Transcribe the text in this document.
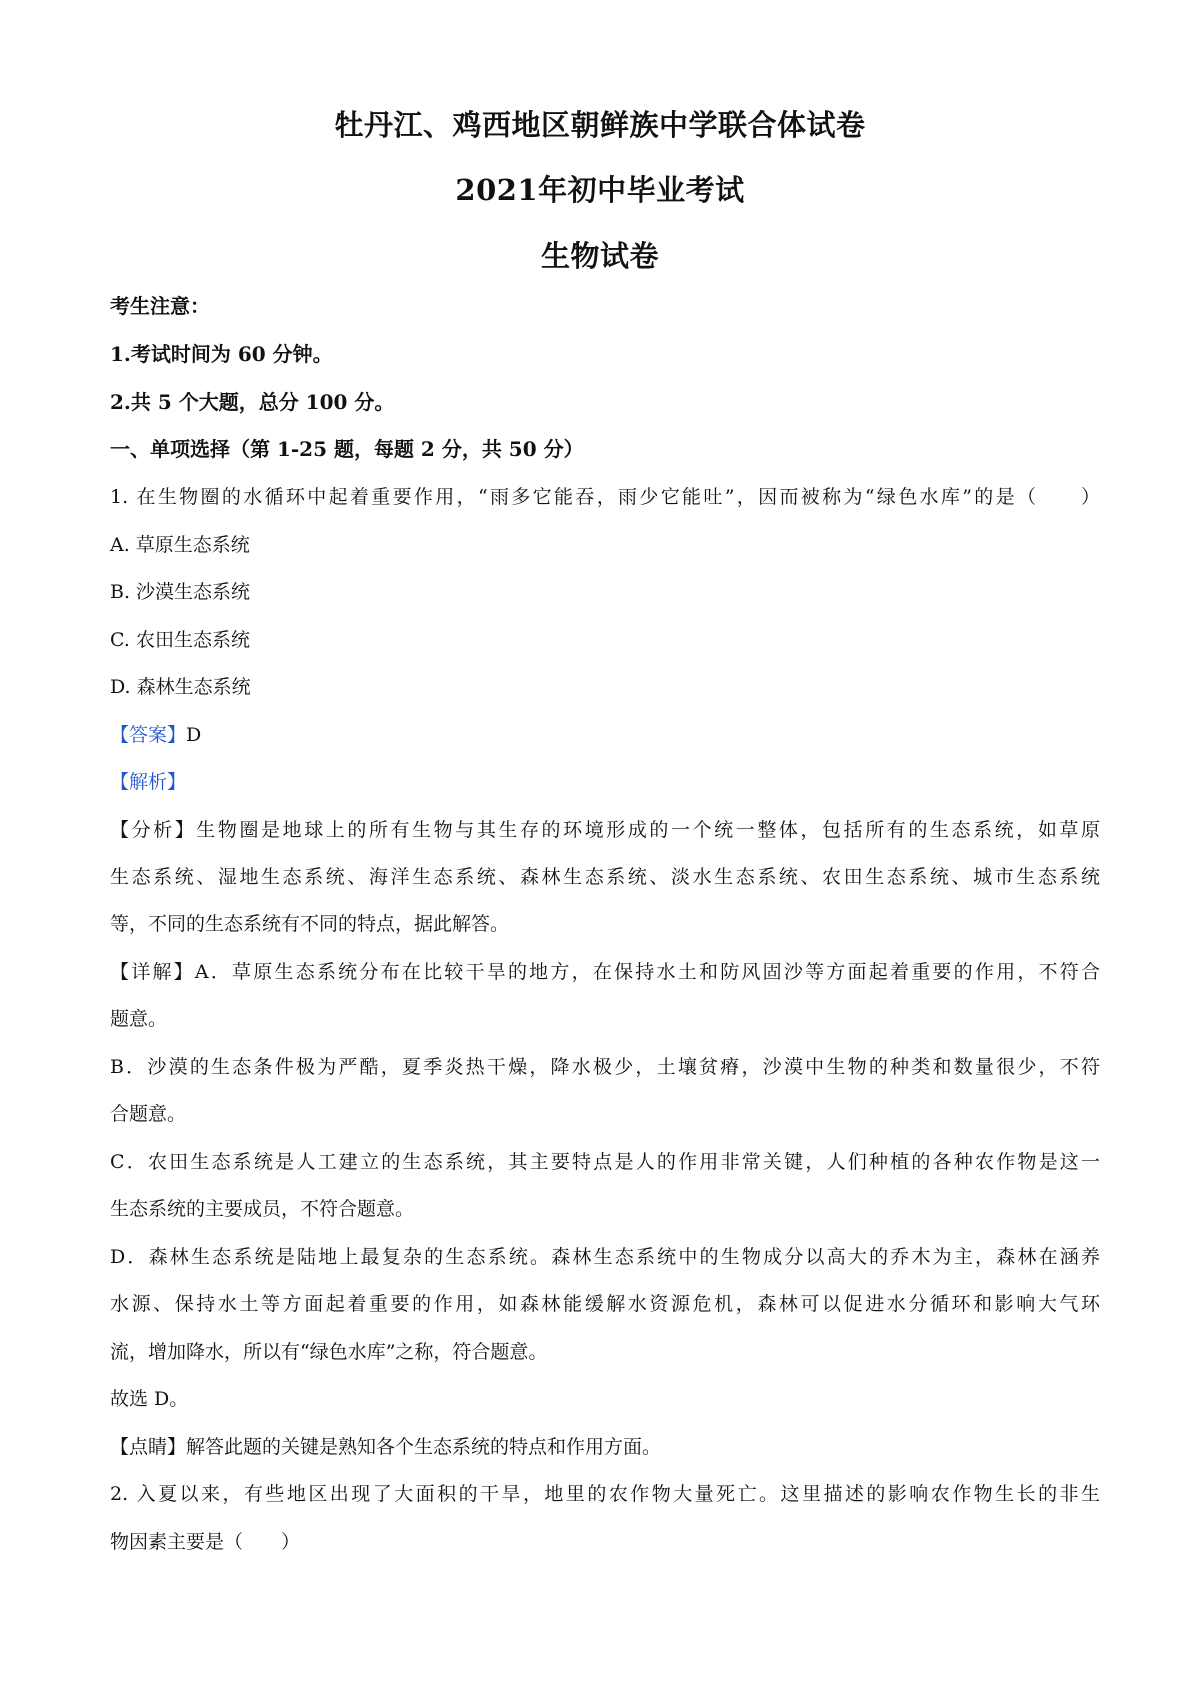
牡丹江、鸡西地区朝鲜族中学联合体试卷
2021年初中毕业考试
生物试卷
考生注意：
1.考试时间为 60 分钟。
2.共 5 个大题，总分 100 分。
一、单项选择（第 1-25 题，每题 2 分，共 50 分）
1. 在生物圈的水循环中起着重要作用，“雨多它能吞，雨少它能吐”，因而被称为“绿色水库”的是（　　）
A. 草原生态系统
B. 沙漠生态系统
C. 农田生态系统
D. 森林生态系统
【答案】D
【解析】
【分析】生物圈是地球上的所有生物与其生存的环境形成的一个统一整体，包括所有的生态系统，如草原
生态系统、湿地生态系统、海洋生态系统、森林生态系统、淡水生态系统、农田生态系统、城市生态系统
等，不同的生态系统有不同的特点，据此解答。
【详解】A．草原生态系统分布在比较干旱的地方，在保持水土和防风固沙等方面起着重要的作用，不符合
题意。
B．沙漠的生态条件极为严酷，夏季炎热干燥，降水极少，土壤贫瘠，沙漠中生物的种类和数量很少，不符
合题意。
C．农田生态系统是人工建立的生态系统，其主要特点是人的作用非常关键，人们种植的各种农作物是这一
生态系统的主要成员，不符合题意。
D．森林生态系统是陆地上最复杂的生态系统。森林生态系统中的生物成分以高大的乔木为主，森林在涵养
水源、保持水土等方面起着重要的作用，如森林能缓解水资源危机，森林可以促进水分循环和影响大气环
流，增加降水，所以有“绿色水库”之称，符合题意。
故选 D。
【点睛】解答此题的关键是熟知各个生态系统的特点和作用方面。
2. 入夏以来，有些地区出现了大面积的干旱，地里的农作物大量死亡。这里描述的影响农作物生长的非生
物因素主要是（　　）
